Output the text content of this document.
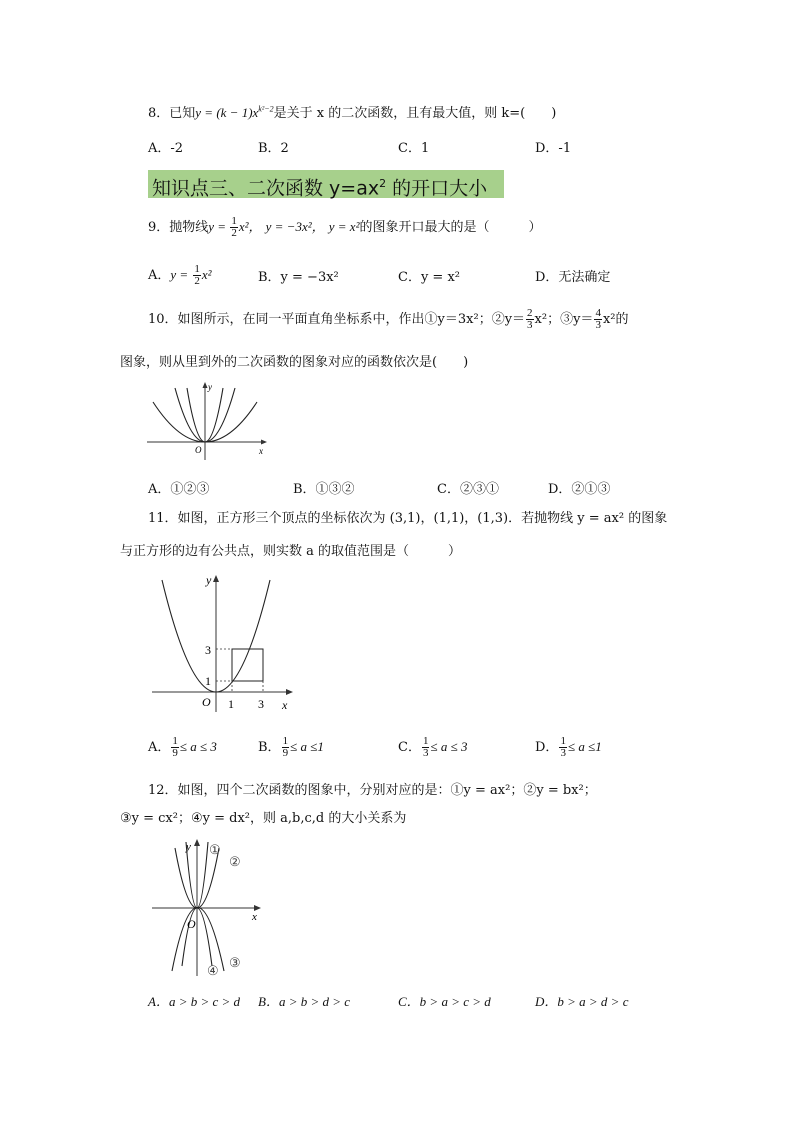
8．已知$y = (k - 1)x^{k^2-2}$是关于 x 的二次函数，且有最大值，则 k=(　　)
A．-2	B．2	C．1	D．-1
知识点三、二次函数 $y=ax^2$ 的开口大小
9．抛物线$y = \frac{1}{2} x^2$， y = −3x²， y = x²的图象开口最大的是（　　　）
A．$y = \frac{1}{2} x^2$	B．y = −3x²	C．y = x²	D．无法确定
10．如图所示，在同一平面直角坐标系中，作出①y＝3x²；②y＝ $\frac{2}{3} x^2$；③y＝ $\frac{4}{3} x^2$的
图象，则从里到外的二次函数的图象对应的函数依次是(　　)
y
x
O
A．①②③	B．①③②	C．②③①	D．②①③
11．如图，正方形三个顶点的坐标依次为 (3,1)，(1,1)，(1,3)．若抛物线 y = ax² 的图象
与正方形的边有公共点，则实数 a 的取值范围是（　　　）
y
x
O 1 3
1
3
A． $\frac{1}{9} \le a \le 3$	B． $\frac{1}{9} \le a \le 1$	C． $\frac{1}{3} \le a \le 3$	D． $\frac{1}{3} \le a \le 1$
12．如图，四个二次函数的图象中，分别对应的是：①y = ax²；②y = bx²；
③y = cx²；④y = dx²，则 a,b,c,d 的大小关系为
y
x
O
①
②
③
④
A．a > b > c > d B．a > b > d > c	C．b > a > c > d	D．b > a > d > c
